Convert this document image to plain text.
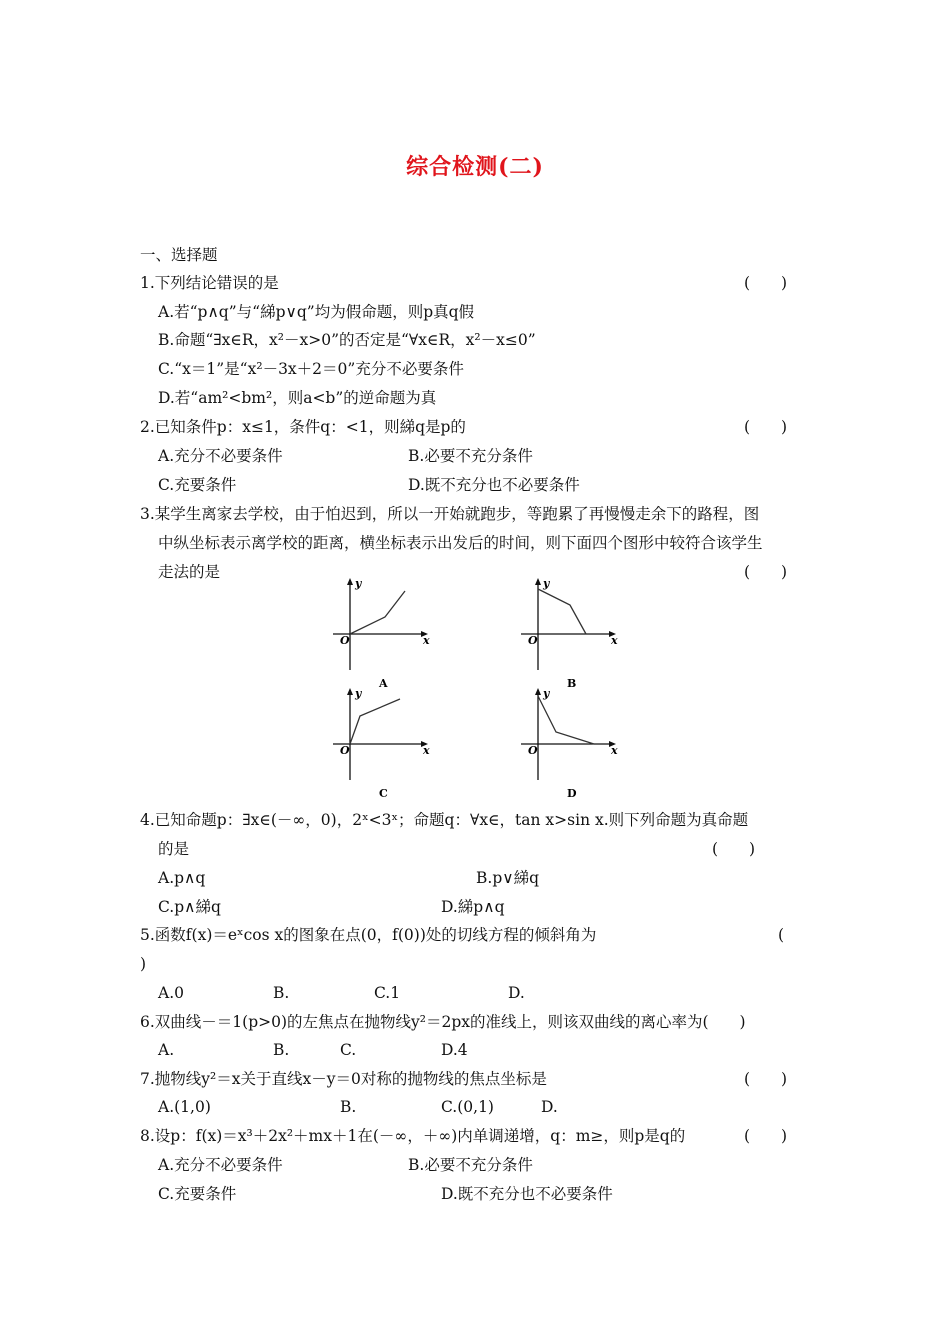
综合检测(二)
一、选择题
1.下列结论错误的是	(　　)
A.若“p∧q”与“綈p∨q”均为假命题，则p真q假
B.命题“∃x∈R，x²－x>0”的否定是“∀x∈R，x²－x≤0”
C.“x＝1”是“x²－3x＋2＝0”充分不必要条件
D.若“am²<bm²，则a<b”的逆命题为真
2.已知条件p：x≤1，条件q：<1，则綈q是p的	(　　)
A.充分不必要条件	B.必要不充分条件
C.充要条件	D.既不充分也不必要条件
3.某学生离家去学校，由于怕迟到，所以一开始就跑步，等跑累了再慢慢走余下的路程，图
中纵坐标表示离学校的距离，横坐标表示出发后的时间，则下面四个图形中较符合该学生
走法的是	(　　)
y
x
O
A
y
x
O
B
y
x
O
C
y
x
O
D
4.已知命题p：∃x∈(－∞，0)，2ˣ<3ˣ；命题q：∀x∈，tan x>sin x.则下列命题为真命题
的是	(　　)
A.p∧q	B.p∨綈q
C.p∧綈q	D.綈p∧q
5.函数f(x)＝eˣcos x的图象在点(0，f(0))处的切线方程的倾斜角为	(
)
A.0	B.	C.1	D.
6.双曲线－＝1(p>0)的左焦点在抛物线y²＝2px的准线上，则该双曲线的离心率为(　　)
A.	B.	C.	D.4
7.抛物线y²＝x关于直线x－y＝0对称的抛物线的焦点坐标是	(　　)
A.(1,0)	B.	C.(0,1)	D.
8.设p：f(x)＝x³＋2x²＋mx＋1在(－∞，＋∞)内单调递增，q：m≥，则p是q的	(　　)
A.充分不必要条件	B.必要不充分条件
C.充要条件	D.既不充分也不必要条件
